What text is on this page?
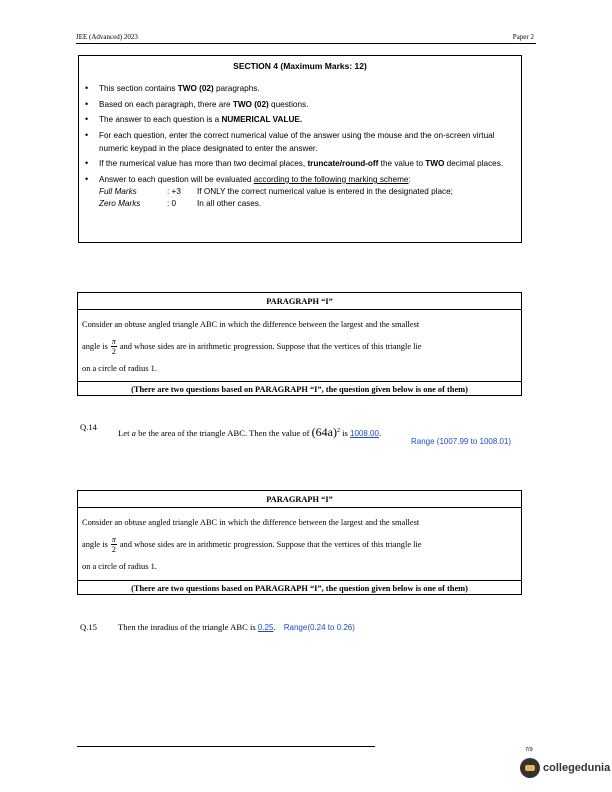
JEE (Advanced) 2023	Paper 2
SECTION 4 (Maximum Marks: 12)
• This section contains TWO (02) paragraphs.
• Based on each paragraph, there are TWO (02) questions.
• The answer to each question is a NUMERICAL VALUE.
• For each question, enter the correct numerical value of the answer using the mouse and the on-screen virtual numeric keypad in the place designated to enter the answer.
• If the numerical value has more than two decimal places, truncate/round-off the value to TWO decimal places.
• Answer to each question will be evaluated according to the following marking scheme:
Full Marks	: +3	If ONLY the correct numerical value is entered in the designated place;
Zero Marks	: 0	In all other cases.
PARAGRAPH “I”
Consider an obtuse angled triangle ABC in which the difference between the largest and the smallest
angle is $\frac{\pi}{2}$ and whose sides are in arithmetic progression. Suppose that the vertices of this triangle lie
on a circle of radius 1.
(There are two questions based on PARAGRAPH “I”, the question given below is one of them)
Q.14
Let a be the area of the triangle ABC. Then the value of $(64a)^2$ is 1008.00.
Range (1007.99 to 1008.01)
PARAGRAPH “I”
Consider an obtuse angled triangle ABC in which the difference between the largest and the smallest
angle is $\frac{\pi}{2}$ and whose sides are in arithmetic progression. Suppose that the vertices of this triangle lie
on a circle of radius 1.
(There are two questions based on PARAGRAPH “I”, the question given below is one of them)
Q.15 Then the inradius of the triangle ABC is 0.25. Range(0.24 to 0.26)
7/9
collegedunia
